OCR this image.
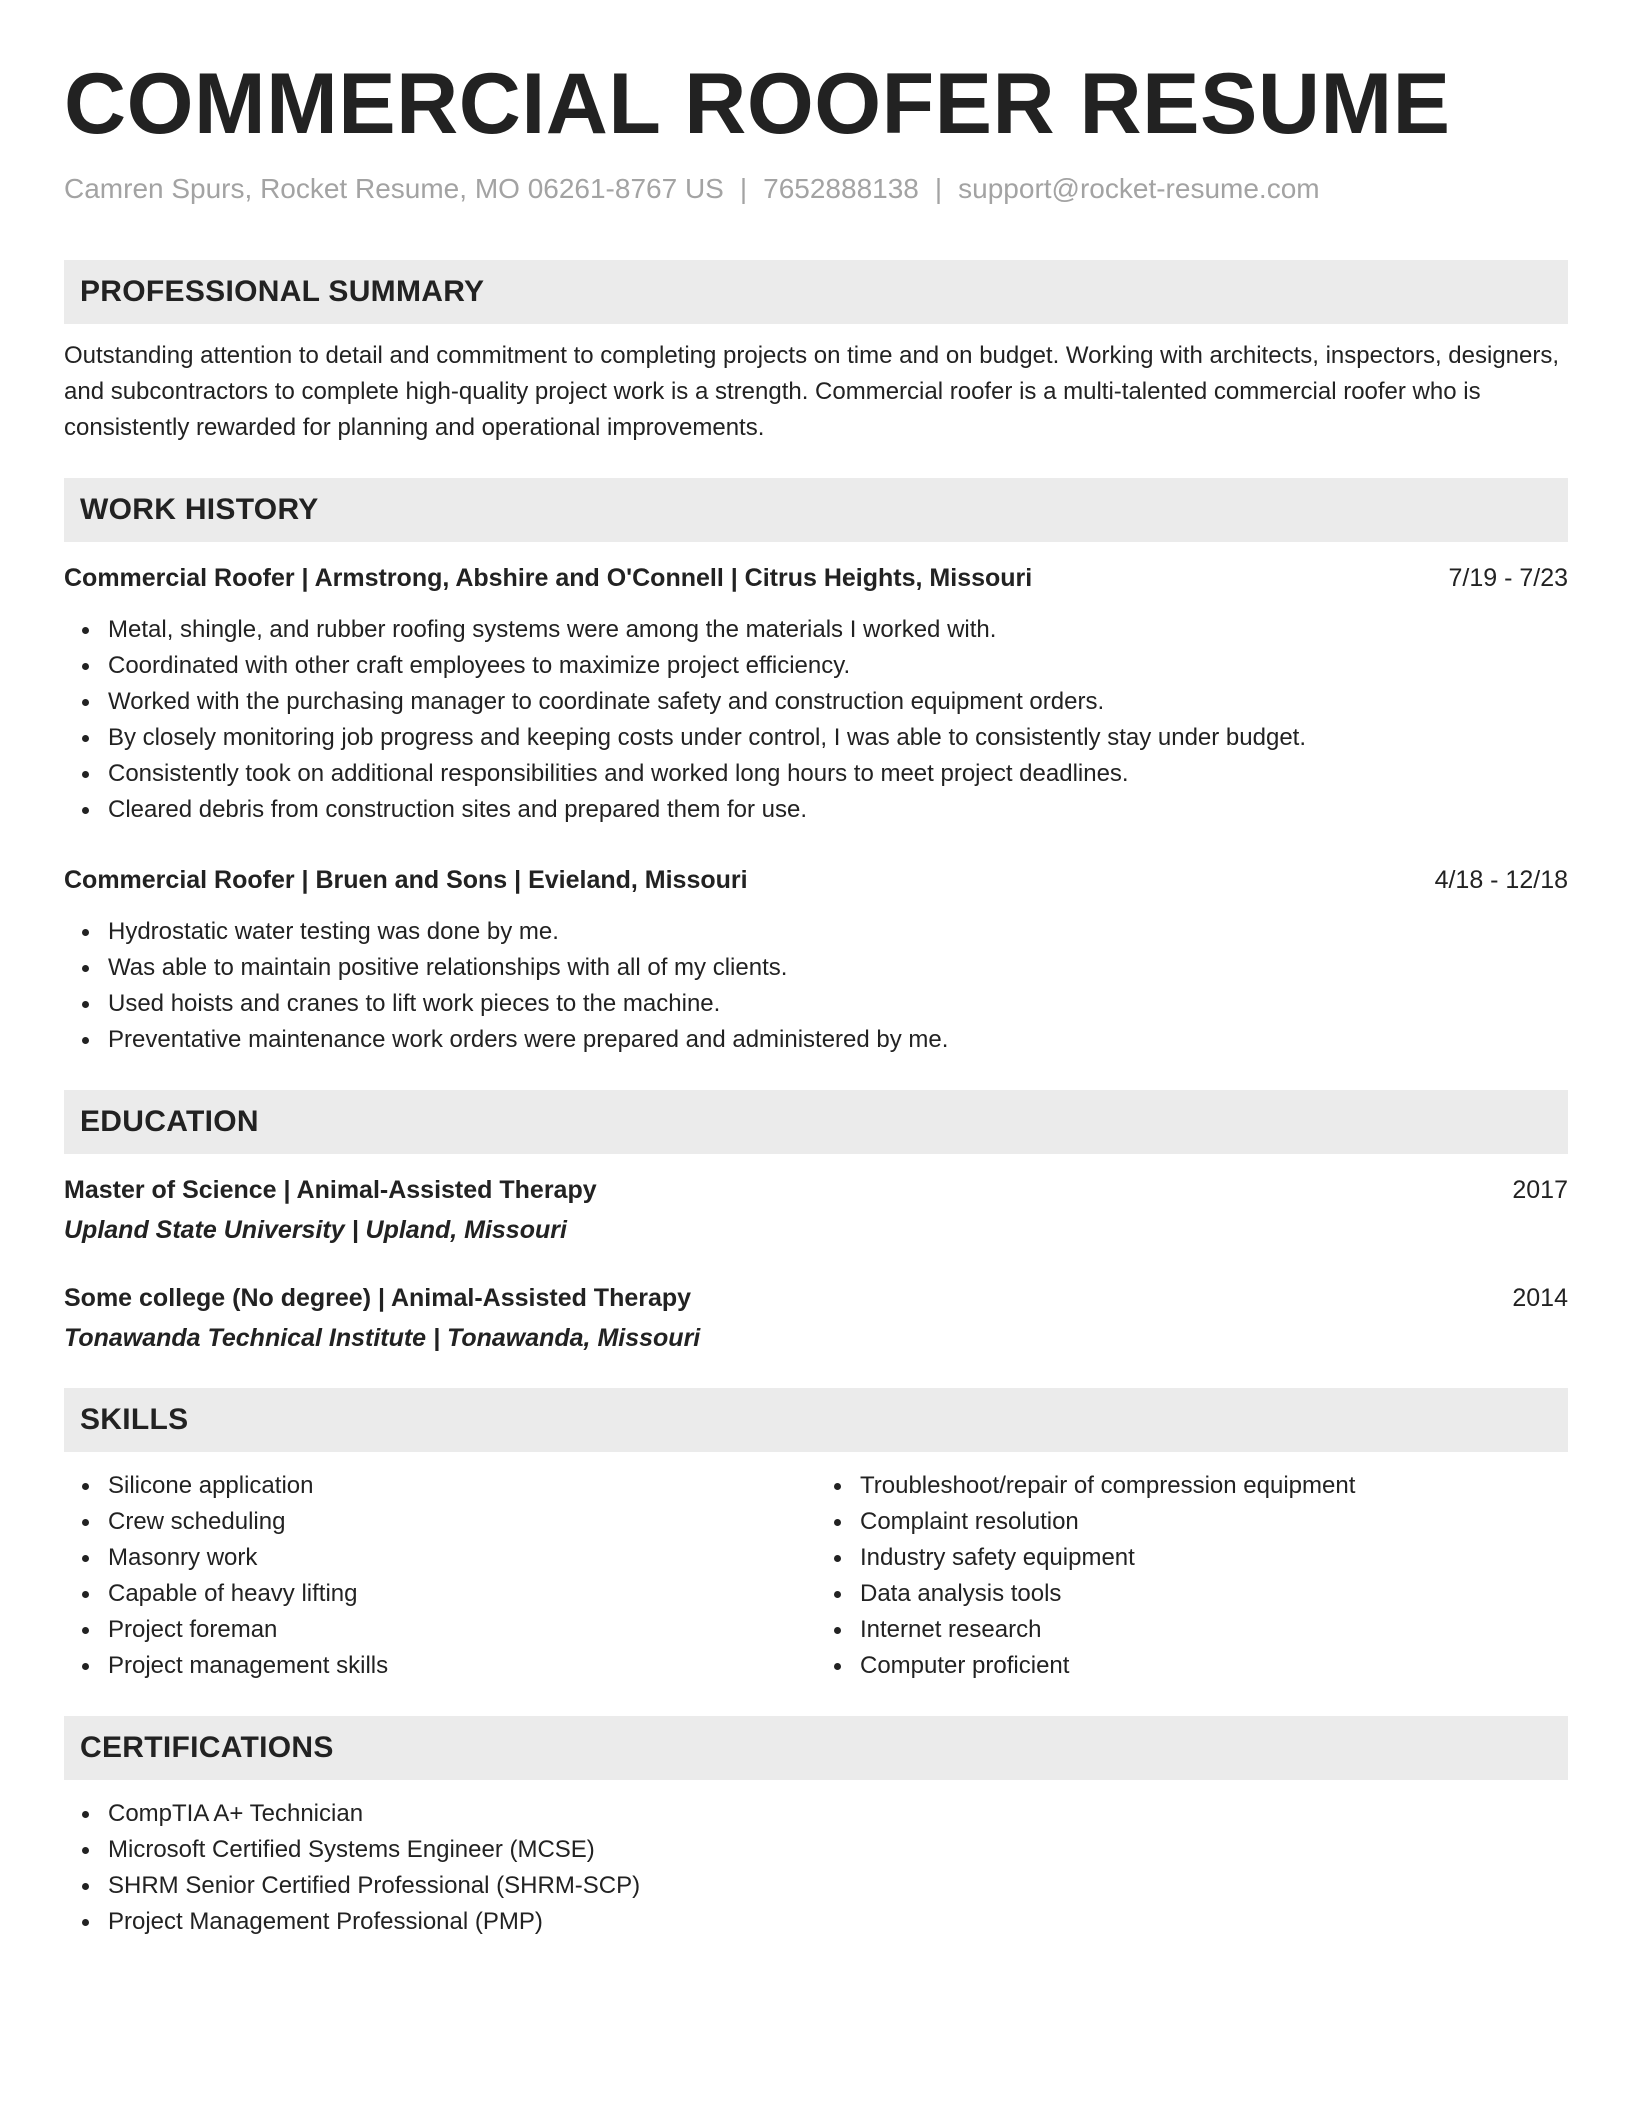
COMMERCIAL ROOFER RESUME
Camren Spurs, Rocket Resume, MO 06261-8767 US | 7652888138 | support@rocket-resume.com
PROFESSIONAL SUMMARY
Outstanding attention to detail and commitment to completing projects on time and on budget. Working with architects, inspectors, designers, and subcontractors to complete high-quality project work is a strength. Commercial roofer is a multi-talented commercial roofer who is consistently rewarded for planning and operational improvements.
WORK HISTORY
Commercial Roofer | Armstrong, Abshire and O'Connell | Citrus Heights, Missouri	7/19 - 7/23
Metal, shingle, and rubber roofing systems were among the materials I worked with.
Coordinated with other craft employees to maximize project efficiency.
Worked with the purchasing manager to coordinate safety and construction equipment orders.
By closely monitoring job progress and keeping costs under control, I was able to consistently stay under budget.
Consistently took on additional responsibilities and worked long hours to meet project deadlines.
Cleared debris from construction sites and prepared them for use.
Commercial Roofer | Bruen and Sons | Evieland, Missouri	4/18 - 12/18
Hydrostatic water testing was done by me.
Was able to maintain positive relationships with all of my clients.
Used hoists and cranes to lift work pieces to the machine.
Preventative maintenance work orders were prepared and administered by me.
EDUCATION
Master of Science | Animal-Assisted Therapy	2017
Upland State University | Upland, Missouri
Some college (No degree) | Animal-Assisted Therapy	2014
Tonawanda Technical Institute | Tonawanda, Missouri
SKILLS
Silicone application
Crew scheduling
Masonry work
Capable of heavy lifting
Project foreman
Project management skills
Troubleshoot/repair of compression equipment
Complaint resolution
Industry safety equipment
Data analysis tools
Internet research
Computer proficient
CERTIFICATIONS
CompTIA A+ Technician
Microsoft Certified Systems Engineer (MCSE)
SHRM Senior Certified Professional (SHRM-SCP)
Project Management Professional (PMP)
